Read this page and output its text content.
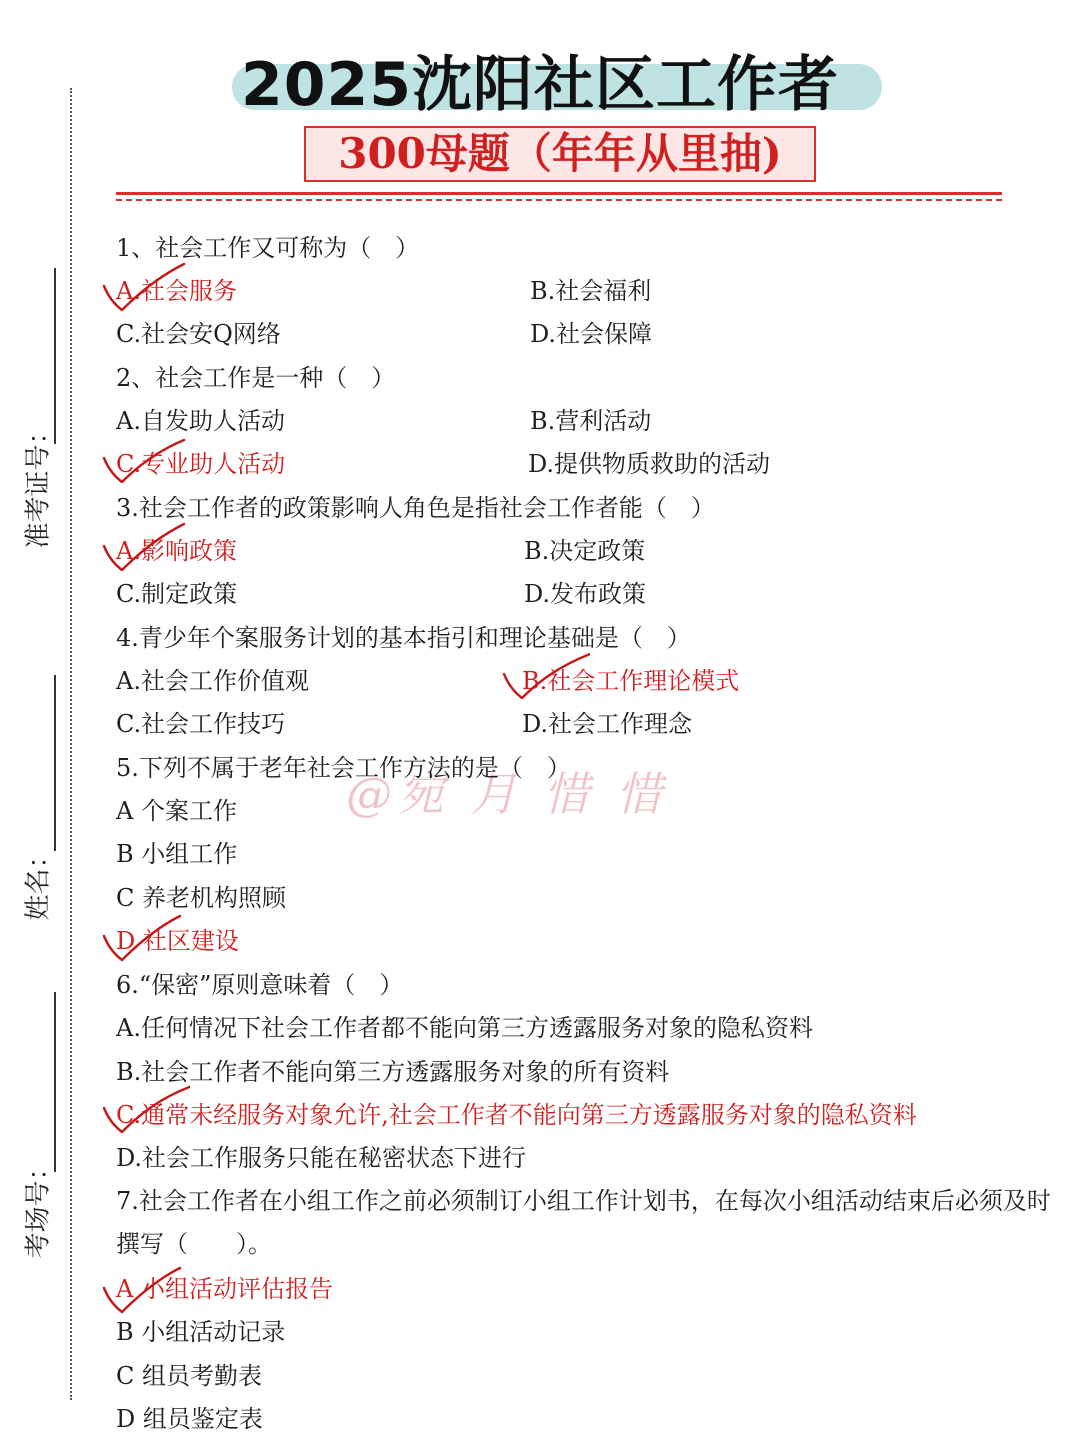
2025沈阳社区工作者
300母题（年年从里抽)
准考证号：
姓名：
考场号：
@宛 月 惜 惜
1、社会工作又可称为（　）
A.社会服务	B.社会福利
C.社会安Q网络	D.社会保障
2、社会工作是一种（　）
A.自发助人活动	B.营利活动
C.专业助人活动	D.提供物质救助的活动
3.社会工作者的政策影响人角色是指社会工作者能（　）
A.影响政策	B.决定政策
C.制定政策	D.发布政策
4.青少年个案服务计划的基本指引和理论基础是（　）
A.社会工作价值观	B.社会工作理论模式
C.社会工作技巧	D.社会工作理念
5.下列不属于老年社会工作方法的是（　）
A 个案工作
B 小组工作
C 养老机构照顾
D 社区建设
6.“保密”原则意味着（　）
A.任何情况下社会工作者都不能向第三方透露服务对象的隐私资料
B.社会工作者不能向第三方透露服务对象的所有资料
C.通常未经服务对象允许,社会工作者不能向第三方透露服务对象的隐私资料
D.社会工作服务只能在秘密状态下进行
7.社会工作者在小组工作之前必须制订小组工作计划书，在每次小组活动结束后必须及时撰写（　　）。
A 小组活动评估报告
B 小组活动记录
C 组员考勤表
D 组员鉴定表
